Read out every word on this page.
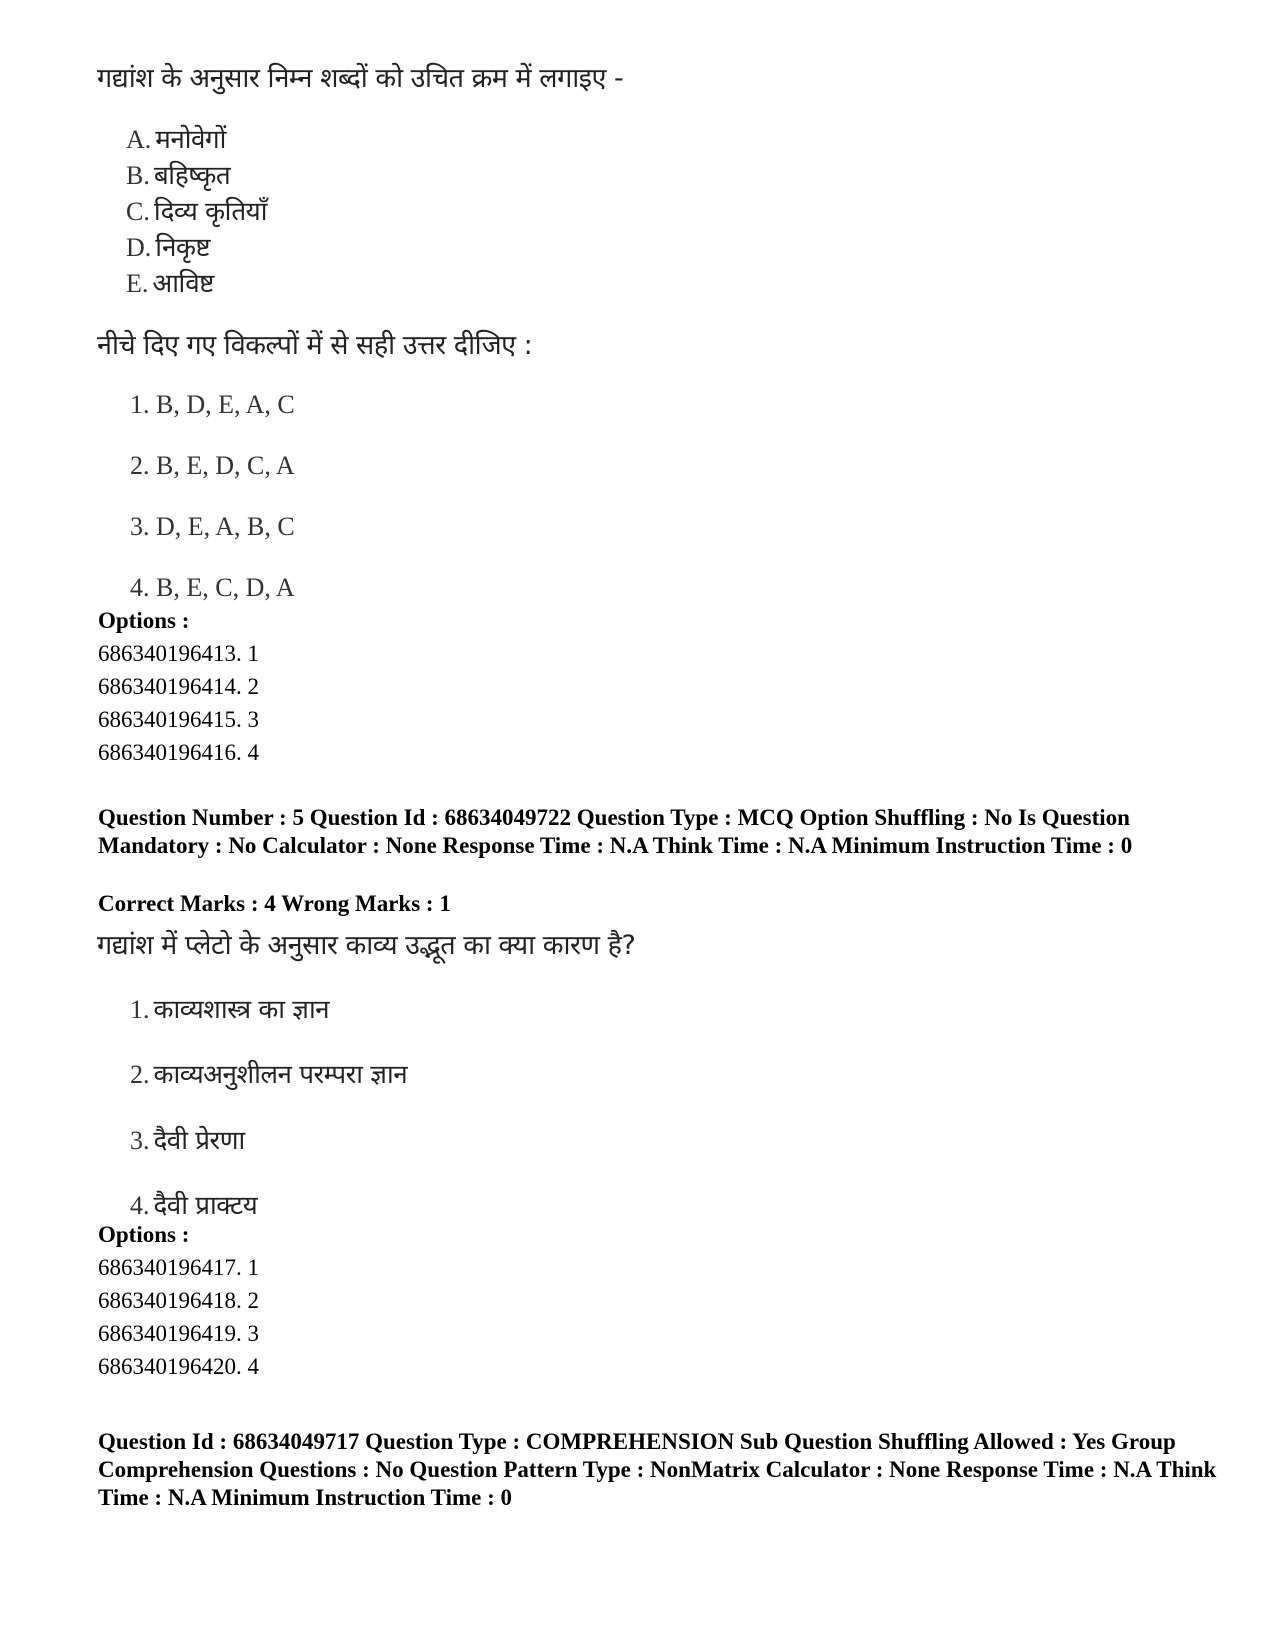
गद्यांश के अनुसार निम्न शब्दों को उचित क्रम में लगाइए -
A. मनोवेगों
B. बहिष्कृत
C. दिव्य कृतियाँ
D. निकृष्ट
E. आविष्ट
नीचे दिए गए विकल्पों में से सही उत्तर दीजिए :
1. B, D, E, A, C
2. B, E, D, C, A
3. D, E, A, B, C
4. B, E, C, D, A
Options :
686340196413. 1
686340196414. 2
686340196415. 3
686340196416. 4
Question Number : 5 Question Id : 68634049722 Question Type : MCQ Option Shuffling : No Is Question Mandatory : No Calculator : None Response Time : N.A Think Time : N.A Minimum Instruction Time : 0
Correct Marks : 4 Wrong Marks : 1
गद्यांश में प्लेटो के अनुसार काव्य उद्भूत का क्या कारण है?
1. काव्यशास्त्र का ज्ञान
2. काव्यअनुशीलन परम्परा ज्ञान
3. दैवी प्रेरणा
4. दैवी प्राक्टय
Options :
686340196417. 1
686340196418. 2
686340196419. 3
686340196420. 4
Question Id : 68634049717 Question Type : COMPREHENSION Sub Question Shuffling Allowed : Yes Group Comprehension Questions : No Question Pattern Type : NonMatrix Calculator : None Response Time : N.A Think Time : N.A Minimum Instruction Time : 0
